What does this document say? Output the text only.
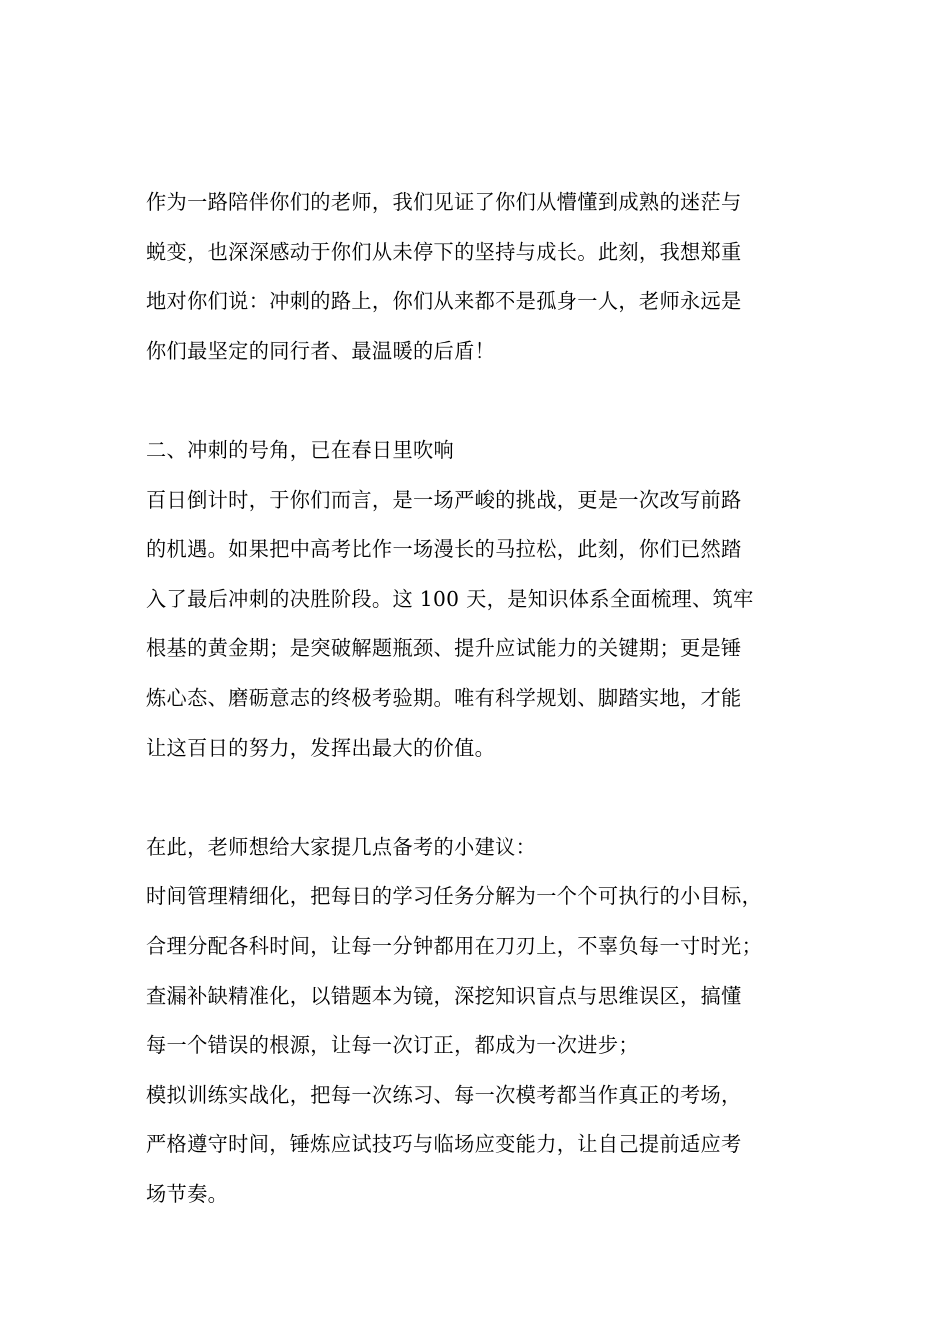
作为一路陪伴你们的老师，我们见证了你们从懵懂到成熟的迷茫与
蜕变，也深深感动于你们从未停下的坚持与成长。此刻，我想郑重
地对你们说：冲刺的路上，你们从来都不是孤身一人，老师永远是
你们最坚定的同行者、最温暖的后盾！
二、冲刺的号角，已在春日里吹响
百日倒计时，于你们而言，是一场严峻的挑战，更是一次改写前路
的机遇。如果把中高考比作一场漫长的马拉松，此刻，你们已然踏
入了最后冲刺的决胜阶段。这 100 天，是知识体系全面梳理、筑牢
根基的黄金期；是突破解题瓶颈、提升应试能力的关键期；更是锤
炼心态、磨砺意志的终极考验期。唯有科学规划、脚踏实地，才能
让这百日的努力，发挥出最大的价值。
在此，老师想给大家提几点备考的小建议：
时间管理精细化，把每日的学习任务分解为一个个可执行的小目标，
合理分配各科时间，让每一分钟都用在刀刃上，不辜负每一寸时光；
查漏补缺精准化，以错题本为镜，深挖知识盲点与思维误区，搞懂
每一个错误的根源，让每一次订正，都成为一次进步；
模拟训练实战化，把每一次练习、每一次模考都当作真正的考场，
严格遵守时间，锤炼应试技巧与临场应变能力，让自己提前适应考
场节奏。
